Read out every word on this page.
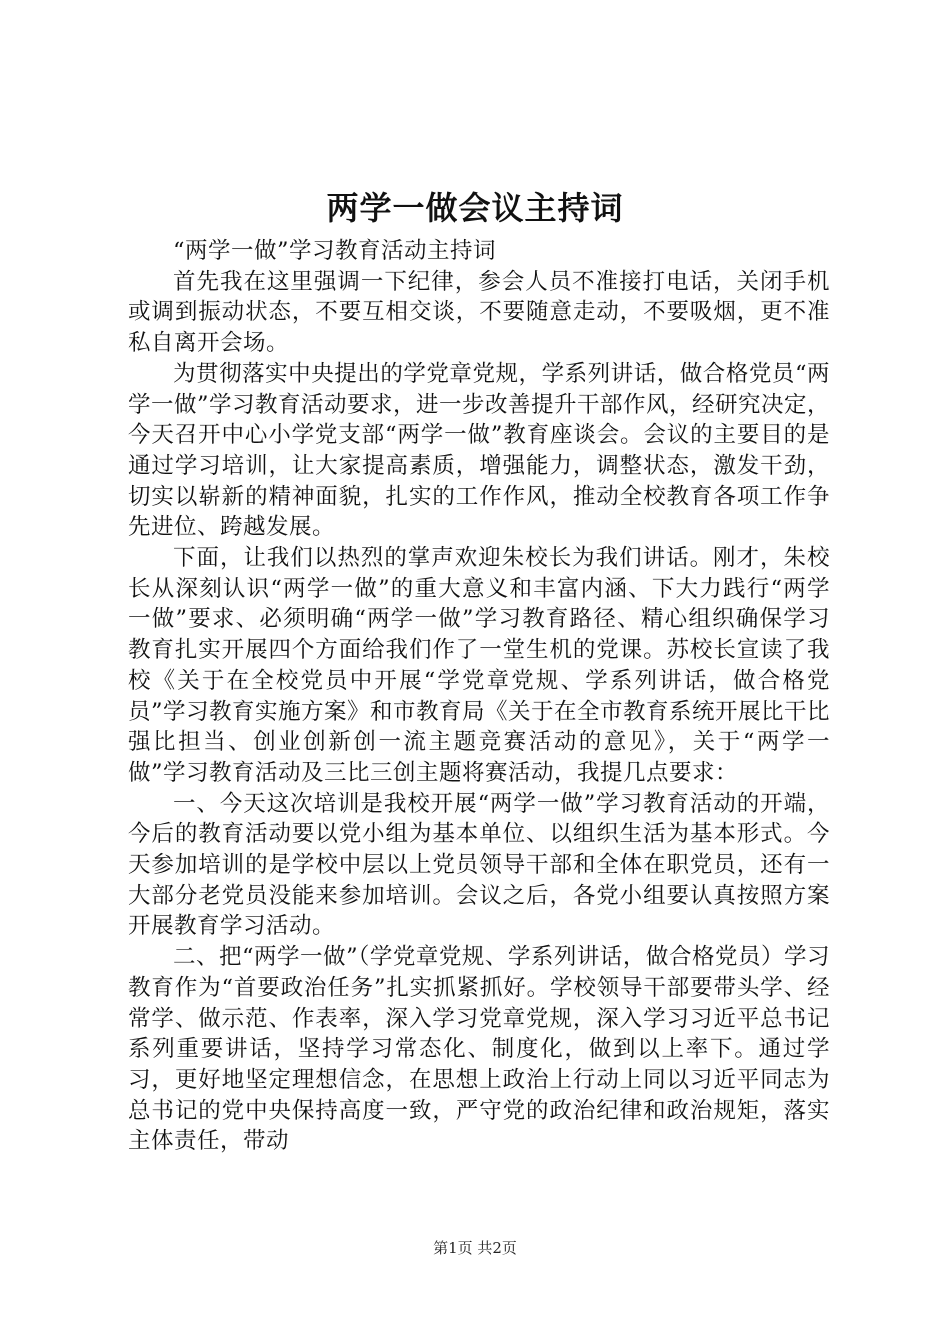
两学一做会议主持词

“两学一做”学习教育活动主持词

首先我在这里强调一下纪律，参会人员不准接打电话，关闭手机或调到振动状态，不要互相交谈，不要随意走动，不要吸烟，更不准私自离开会场。

为贯彻落实中央提出的学党章党规，学系列讲话，做合格党员“两学一做”学习教育活动要求，进一步改善提升干部作风，经研究决定，今天召开中心小学党支部“两学一做”教育座谈会。会议的主要目的是通过学习培训，让大家提高素质，增强能力，调整状态，激发干劲，切实以崭新的精神面貌，扎实的工作作风，推动全校教育各项工作争先进位、跨越发展。

下面，让我们以热烈的掌声欢迎朱校长为我们讲话。刚才，朱校长从深刻认识“两学一做”的重大意义和丰富内涵、下大力践行“两学一做”要求、必须明确“两学一做”学习教育路径、精心组织确保学习教育扎实开展四个方面给我们作了一堂生机的党课。苏校长宣读了我校《关于在全校党员中开展“学党章党规、学系列讲话，做合格党员”学习教育实施方案》和市教育局《关于在全市教育系统开展比干比强比担当、创业创新创一流主题竞赛活动的意见》，关于“两学一做”学习教育活动及三比三创主题将赛活动，我提几点要求：

一、今天这次培训是我校开展“两学一做”学习教育活动的开端，今后的教育活动要以党小组为基本单位、以组织生活为基本形式。今天参加培训的是学校中层以上党员领导干部和全体在职党员，还有一大部分老党员没能来参加培训。会议之后，各党小组要认真按照方案开展教育学习活动。

二、把“两学一做”（学党章党规、学系列讲话，做合格党员）学习教育作为“首要政治任务”扎实抓紧抓好。学校领导干部要带头学、经常学、做示范、作表率，深入学习党章党规，深入学习习近平总书记系列重要讲话，坚持学习常态化、制度化，做到以上率下。通过学习，更好地坚定理想信念，在思想上政治上行动上同以习近平同志为总书记的党中央保持高度一致，严守党的政治纪律和政治规矩，落实主体责任，带动

第1页 共2页
